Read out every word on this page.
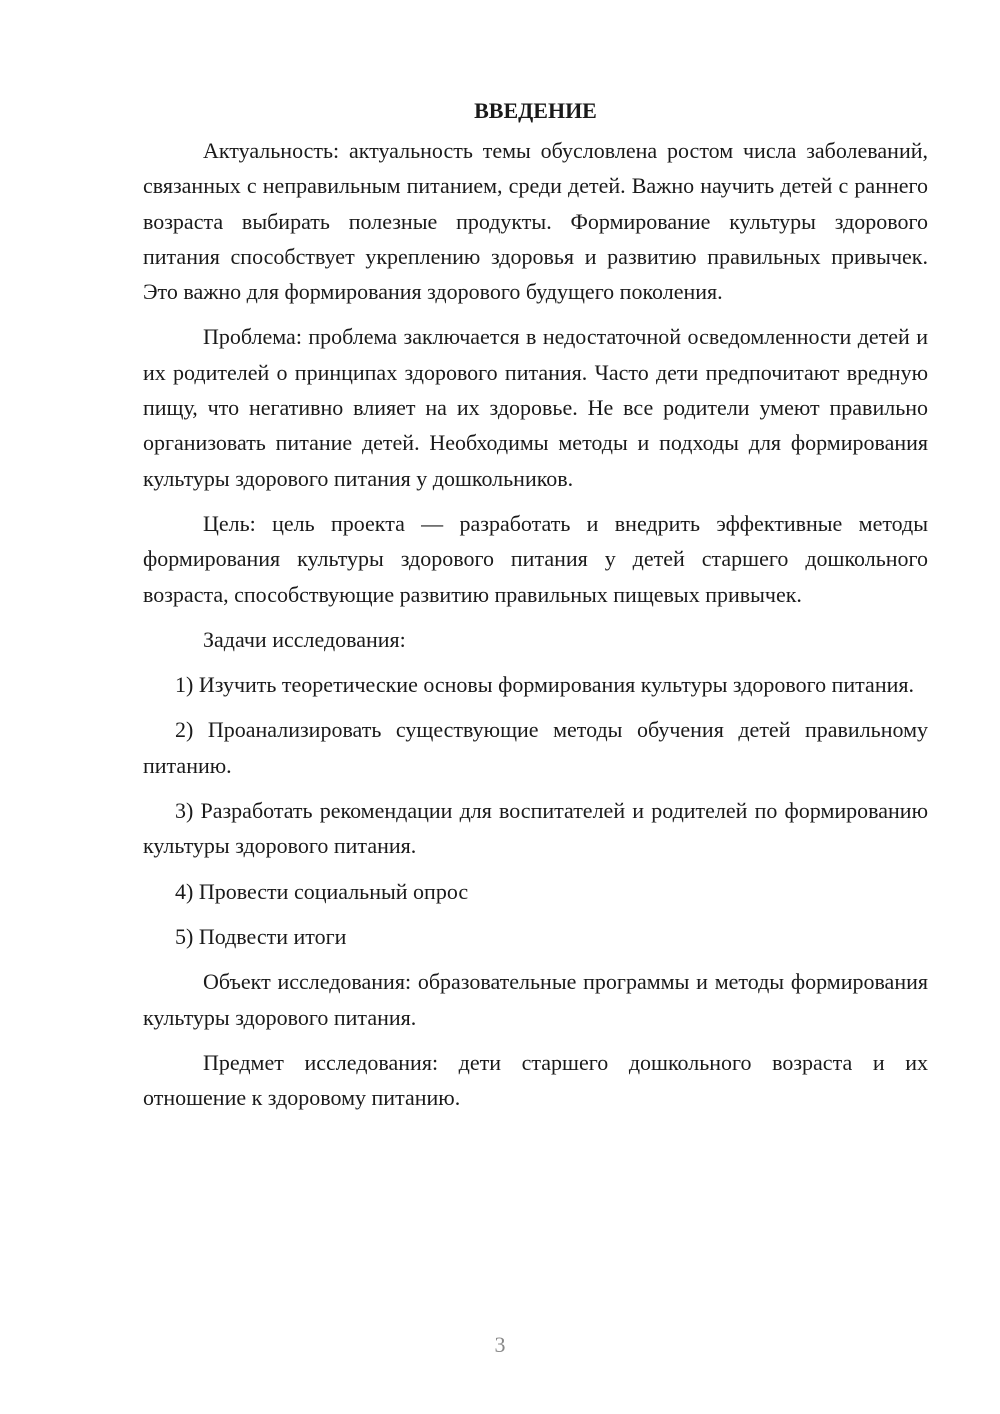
ВВЕДЕНИЕ

Актуальность: актуальность темы обусловлена ростом числа заболеваний, связанных с неправильным питанием, среди детей. Важно научить детей с раннего возраста выбирать полезные продукты. Формирование культуры здорового питания способствует укреплению здоровья и развитию правильных привычек. Это важно для формирования здорового будущего поколения.

Проблема: проблема заключается в недостаточной осведомленности детей и их родителей о принципах здорового питания. Часто дети предпочитают вредную пищу, что негативно влияет на их здоровье. Не все родители умеют правильно организовать питание детей. Необходимы методы и подходы для формирования культуры здорового питания у дошкольников.

Цель: цель проекта — разработать и внедрить эффективные методы формирования культуры здорового питания у детей старшего дошкольного возраста, способствующие развитию правильных пищевых привычек.

Задачи исследования:

1) Изучить теоретические основы формирования культуры здорового питания.

2) Проанализировать существующие методы обучения детей правильному питанию.

3) Разработать рекомендации для воспитателей и родителей по формированию культуры здорового питания.

4) Провести социальный опрос

5) Подвести итоги

Объект исследования: образовательные программы и методы формирования культуры здорового питания.

Предмет исследования: дети старшего дошкольного возраста и их отношение к здоровому питанию.

3
